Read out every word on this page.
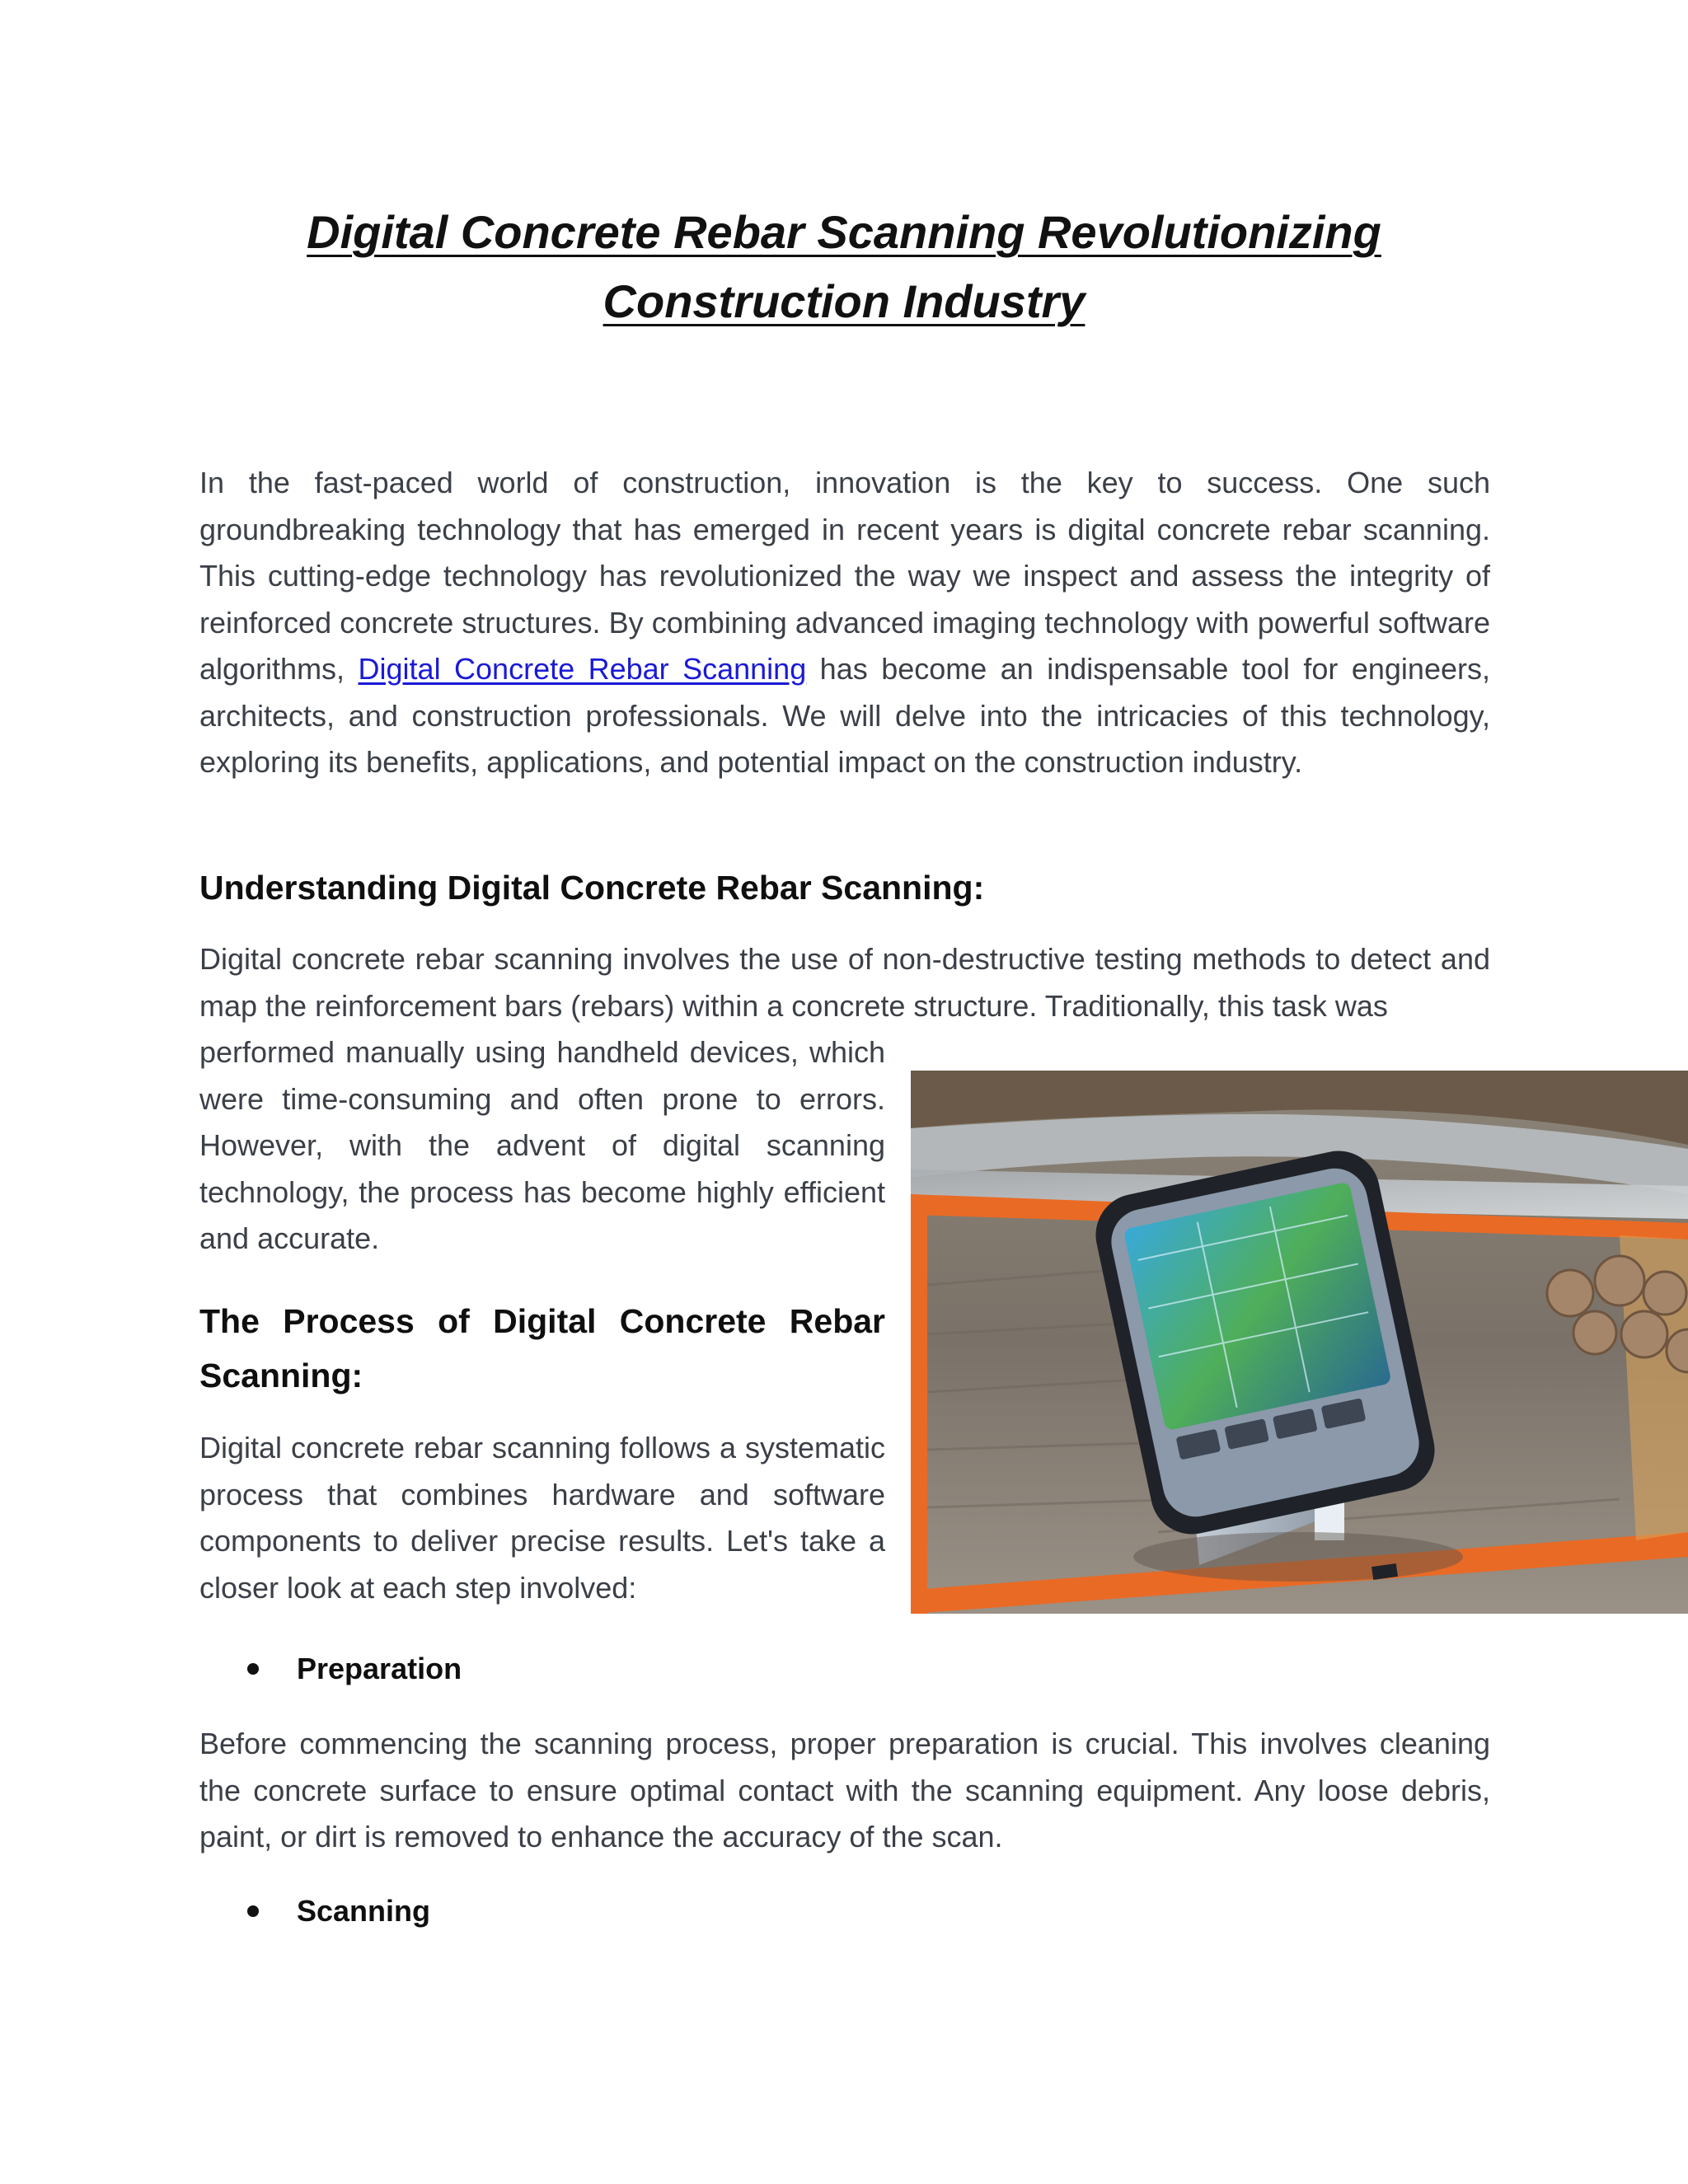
Digital Concrete Rebar Scanning Revolutionizing Construction Industry

In the fast-paced world of construction, innovation is the key to success. One such groundbreaking technology that has emerged in recent years is digital concrete rebar scanning. This cutting-edge technology has revolutionized the way we inspect and assess the integrity of reinforced concrete structures. By combining advanced imaging technology with powerful software algorithms, Digital Concrete Rebar Scanning has become an indispensable tool for engineers, architects, and construction professionals. We will delve into the intricacies of this technology, exploring its benefits, applications, and potential impact on the construction industry.

Understanding Digital Concrete Rebar Scanning:

Digital concrete rebar scanning involves the use of non-destructive testing methods to detect and map the reinforcement bars (rebars) within a concrete structure. Traditionally, this task was

performed manually using handheld devices, which were time-consuming and often prone to errors. However, with the advent of digital scanning technology, the process has become highly efficient and accurate.

The Process of Digital Concrete Rebar Scanning:

Digital concrete rebar scanning follows a systematic process that combines hardware and software components to deliver precise results. Let's take a closer look at each step involved:

Preparation

Before commencing the scanning process, proper preparation is crucial. This involves cleaning the concrete surface to ensure optimal contact with the scanning equipment. Any loose debris, paint, or dirt is removed to enhance the accuracy of the scan.

Scanning
